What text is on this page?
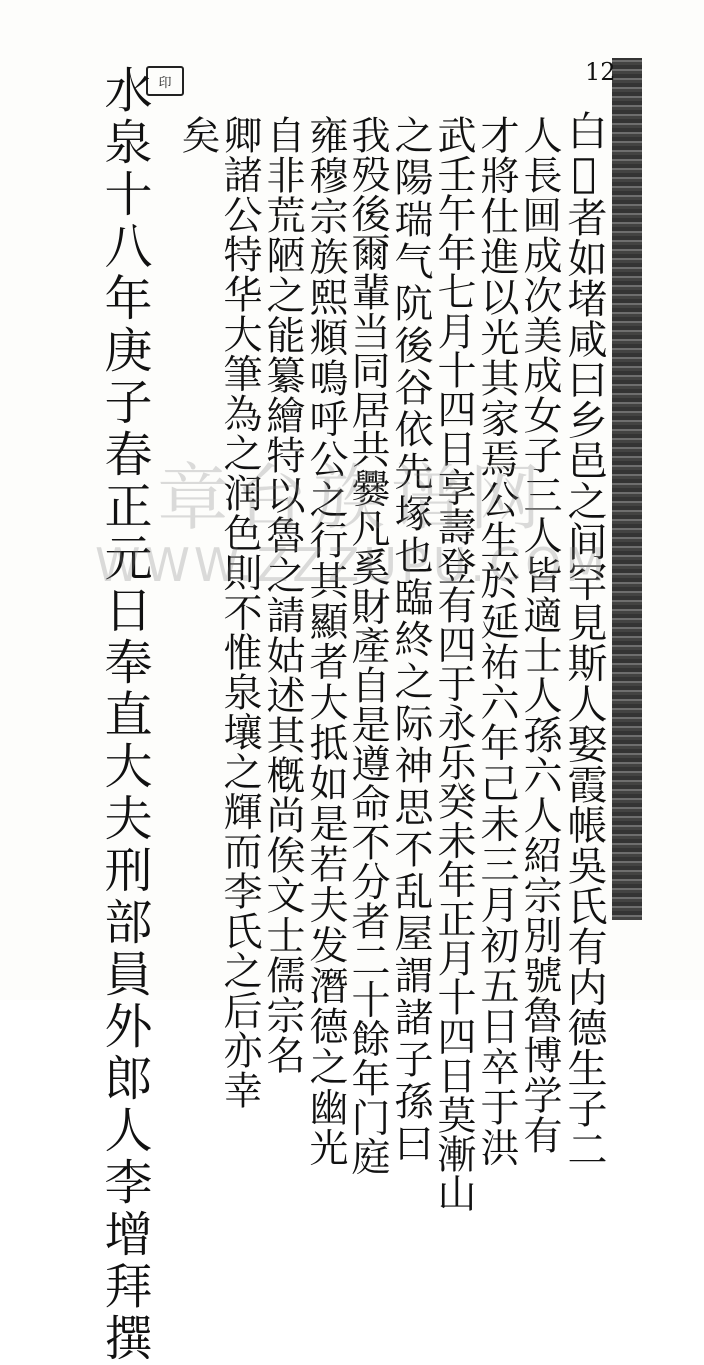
12
白𥘉者如堵咸曰乡邑之间罕見斯人娶霞帳吳氏有内德生子二
人長𡇍成次美成女子三人皆適士人孫六人紹宗別號魯博学有
才將仕進以光其家焉公生於延祐六年己未三月初五日卒于洪
武壬午年七月十四日享壽登有四于永乐癸未年正月十四日莫漸山
之陽瑞气阬後谷依先塚也臨終之际神思不乱屋謂諸子孫曰
我殁後爾輩当同居共爨凡奚財產自是遵命不分者二十餘年门庭
雍穆宗族熙頫鳴呼公之行其顯者大抵如是若夫发潛德之幽光
自非荒陋之能纂繪特以魯之請姑述其槪尚俟文士儒宗名
卿諸公特华大筆為之润色則不惟泉壤之輝而李氏之后亦幸
矣
印
水泉十八年庚子春正元日奉直大夫刑部員外郎人李增拜撰 章台族谱网
WWW.ZZZUPU.COM
